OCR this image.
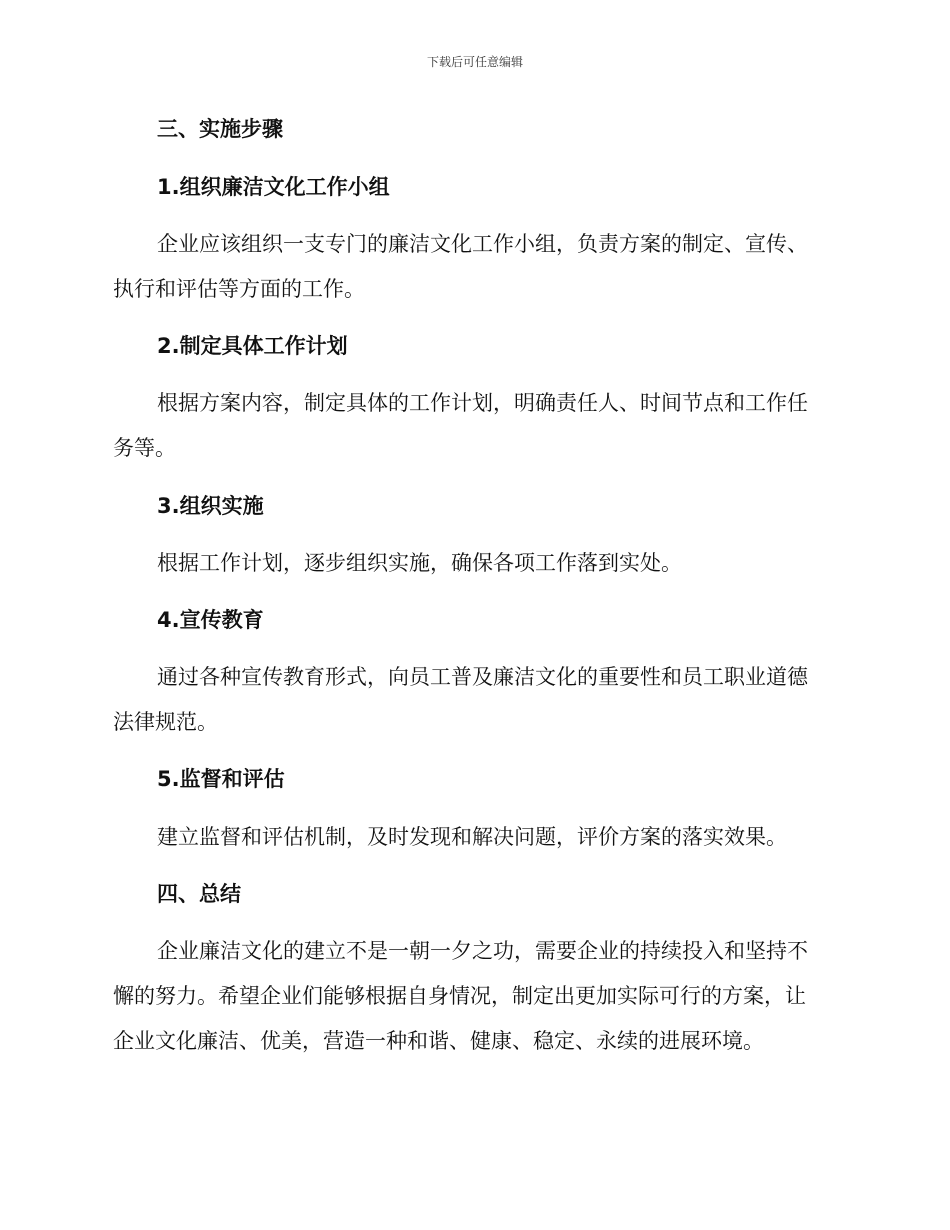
下载后可任意编辑
三、实施步骤
1.组织廉洁文化工作小组
企业应该组织一支专门的廉洁文化工作小组，负责方案的制定、宣传、
执行和评估等方面的工作。
2.制定具体工作计划
根据方案内容，制定具体的工作计划，明确责任人、时间节点和工作任
务等。
3.组织实施
根据工作计划，逐步组织实施，确保各项工作落到实处。
4.宣传教育
通过各种宣传教育形式，向员工普及廉洁文化的重要性和员工职业道德
法律规范。
5.监督和评估
建立监督和评估机制，及时发现和解决问题，评价方案的落实效果。
四、总结
企业廉洁文化的建立不是一朝一夕之功，需要企业的持续投入和坚持不
懈的努力。希望企业们能够根据自身情况，制定出更加实际可行的方案，让
企业文化廉洁、优美，营造一种和谐、健康、稳定、永续的进展环境。
